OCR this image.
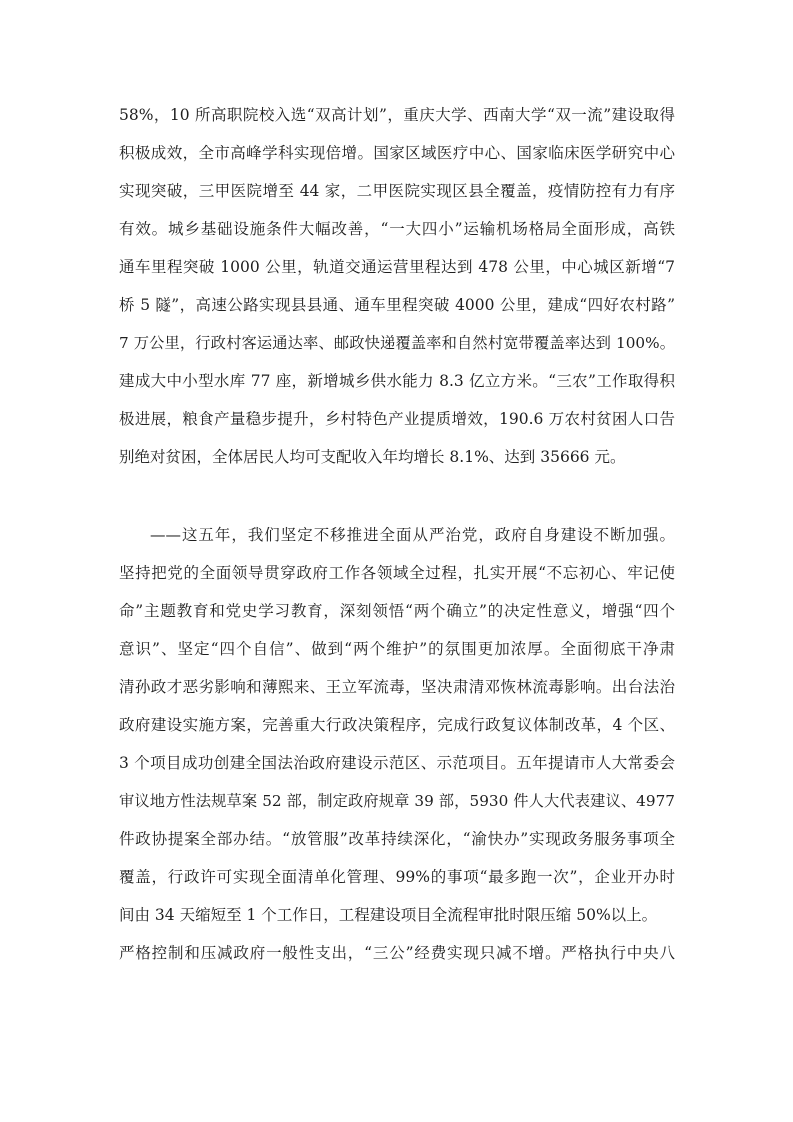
58%，10 所高职院校入选“双高计划”，重庆大学、西南大学“双一流”建设取得
积极成效，全市高峰学科实现倍增。国家区域医疗中心、国家临床医学研究中心
实现突破，三甲医院增至 44 家，二甲医院实现区县全覆盖，疫情防控有力有序
有效。城乡基础设施条件大幅改善，“一大四小”运输机场格局全面形成，高铁
通车里程突破 1000 公里，轨道交通运营里程达到 478 公里，中心城区新增“7
桥 5 隧”，高速公路实现县县通、通车里程突破 4000 公里，建成“四好农村路”
7 万公里，行政村客运通达率、邮政快递覆盖率和自然村宽带覆盖率达到 100%。
建成大中小型水库 77 座，新增城乡供水能力 8.3 亿立方米。“三农”工作取得积
极进展，粮食产量稳步提升，乡村特色产业提质增效，190.6 万农村贫困人口告
别绝对贫困，全体居民人均可支配收入年均增长 8.1%、达到 35666 元。
——这五年，我们坚定不移推进全面从严治党，政府自身建设不断加强。
坚持把党的全面领导贯穿政府工作各领域全过程，扎实开展“不忘初心、牢记使
命”主题教育和党史学习教育，深刻领悟“两个确立”的决定性意义，增强“四个
意识”、坚定“四个自信”、做到“两个维护”的氛围更加浓厚。全面彻底干净肃
清孙政才恶劣影响和薄熙来、王立军流毒，坚决肃清邓恢林流毒影响。出台法治
政府建设实施方案，完善重大行政决策程序，完成行政复议体制改革，4 个区、
3 个项目成功创建全国法治政府建设示范区、示范项目。五年提请市人大常委会
审议地方性法规草案 52 部，制定政府规章 39 部，5930 件人大代表建议、4977
件政协提案全部办结。“放管服”改革持续深化，“渝快办”实现政务服务事项全
覆盖，行政许可实现全面清单化管理、99%的事项“最多跑一次”，企业开办时
间由 34 天缩短至 1 个工作日，工程建设项目全流程审批时限压缩 50%以上。
严格控制和压减政府一般性支出，“三公”经费实现只减不增。严格执行中央八
